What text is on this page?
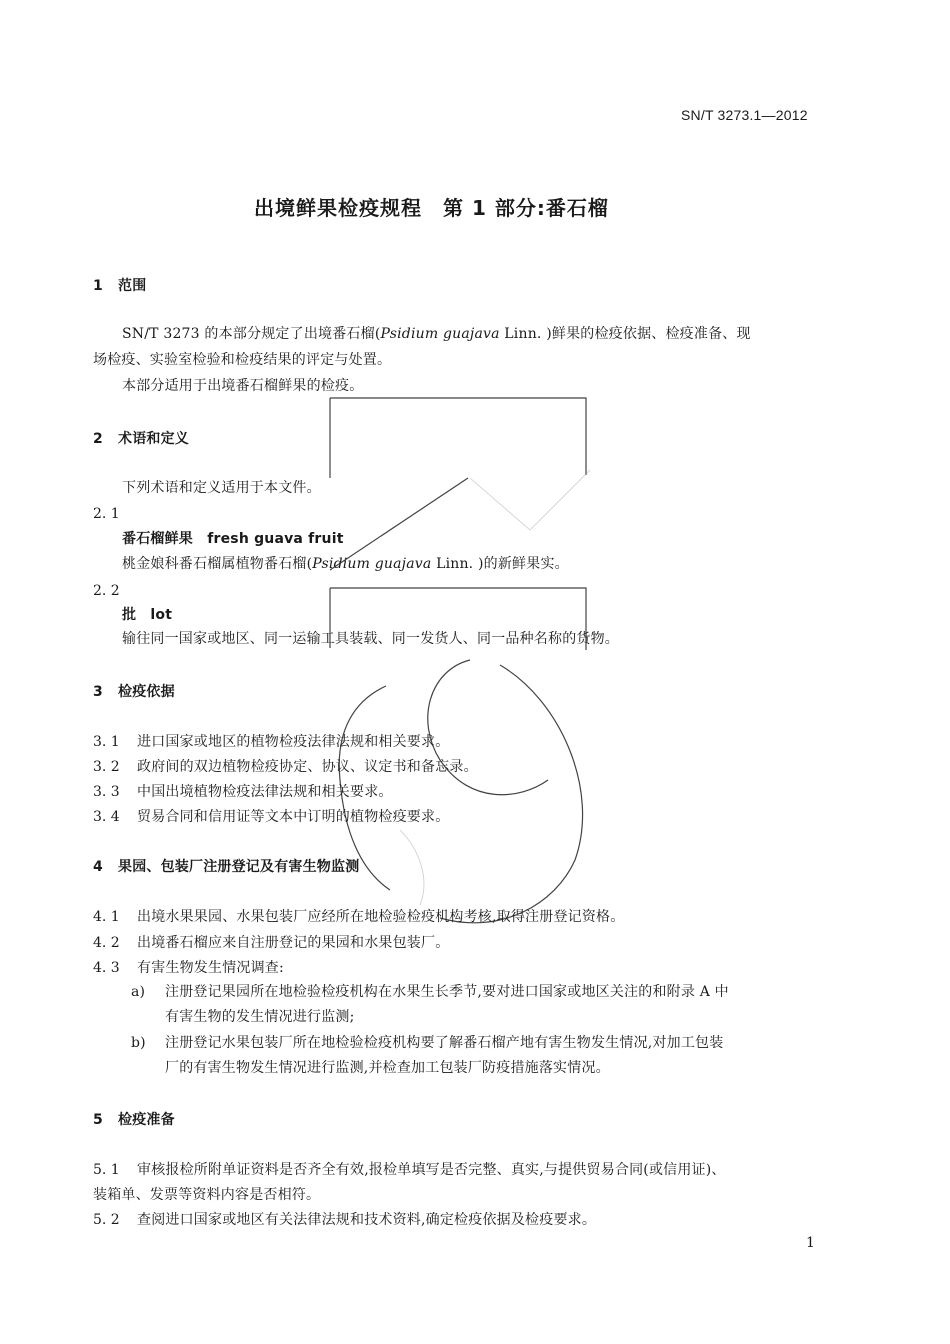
SN/T 3273.1—2012
出境鲜果检疫规程　第 1 部分:番石榴
1 范围
SN/T 3273 的本部分规定了出境番石榴(Psidium guajava Linn. )鲜果的检疫依据、检疫准备、现
场检疫、实验室检验和检疫结果的评定与处置。
本部分适用于出境番石榴鲜果的检疫。
2 术语和定义
下列术语和定义适用于本文件。
2. 1
番石榴鲜果　fresh guava fruit
桃金娘科番石榴属植物番石榴(Psidium guajava Linn. )的新鲜果实。
2. 2
批　lot
输往同一国家或地区、同一运输工具装载、同一发货人、同一品种名称的货物。
3 检疫依据
3. 1 进口国家或地区的植物检疫法律法规和相关要求。
3. 2 政府间的双边植物检疫协定、协议、议定书和备忘录。
3. 3 中国出境植物检疫法律法规和相关要求。
3. 4 贸易合同和信用证等文本中订明的植物检疫要求。
4 果园、包装厂注册登记及有害生物监测
4. 1 出境水果果园、水果包装厂应经所在地检验检疫机构考核,取得注册登记资格。
4. 2 出境番石榴应来自注册登记的果园和水果包装厂。
4. 3 有害生物发生情况调查:
a) 注册登记果园所在地检验检疫机构在水果生长季节,要对进口国家或地区关注的和附录 A 中
有害生物的发生情况进行监测;
b) 注册登记水果包装厂所在地检验检疫机构要了解番石榴产地有害生物发生情况,对加工包装
厂的有害生物发生情况进行监测,并检查加工包装厂防疫措施落实情况。
5 检疫准备
5. 1 审核报检所附单证资料是否齐全有效,报检单填写是否完整、真实,与提供贸易合同(或信用证)、
装箱单、发票等资料内容是否相符。
5. 2 查阅进口国家或地区有关法律法规和技术资料,确定检疫依据及检疫要求。
1
